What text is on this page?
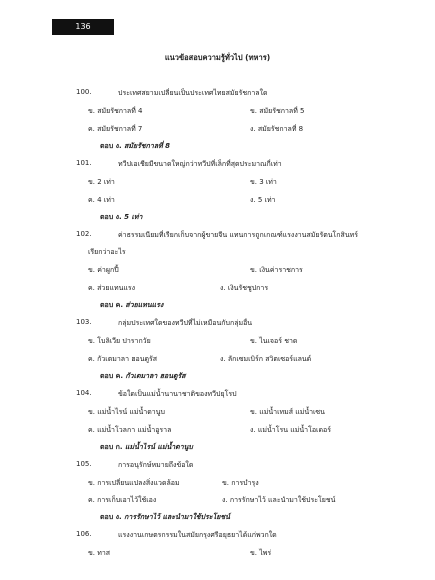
136
แนวข้อสอบความรู้ทั่วไป (ทหาร)
100.	ประเทศสยามเปลี่ยนเป็นประเทศไทยสมัยรัชกาลใด
ข. สมัยรัชกาลที่ 4	ข. สมัยรัชกาลที่ 5
ค. สมัยรัชกาลที่ 7	ง. สมัยรัชกาลที่ 8
ตอบ ง. สมัยรัชกาลที่ 8
101.	ทวีปเอเชียมีขนาดใหญ่กว่าทวีปที่เล็กที่สุดประมาณกี่เท่า
ข. 2 เท่า	ข. 3 เท่า
ค. 4 เท่า	ง. 5 เท่า
ตอบ ง. 5 เท่า
102.	ค่าธรรมเนียมที่เรียกเก็บจากผู้ขายจีน แทนการถูกเกณฑ์แรงงานสมัยรัตนโกสินทร์
เรียกว่าอะไร
ข. ค่าผูกปี้	ข. เงินค่าราชการ
ค. ส่วยแทนแรง	ง. เงินรัชชูปการ
ตอบ ค. ส่วยแทนแรง
103.	กลุ่มประเทศใดของทวีปที่ไม่เหมือนกับกลุ่มอื่น
ข. โบลิเวีย ปารากวัย	ข. ไนเจอร์ ชาด
ค. กัวเตมาลา ฮอนดูรัส	ง. ลักเซมเบิร์ก สวิตเซอร์แลนด์
ตอบ ค. กัวเตมาลา ฮอนดูรัส
104.	ข้อใดเป็นแม่น้ำนานาชาติของทวีปยุโรป
ข. แม่น้ำไรน์ แม่น้ำดานูบ	ข. แม่น้ำเทมส์ แม่น้ำเซน
ค. แม่น้ำโวลกา แม่น้ำอูราล	ง. แม่น้ำโรน แม่น้ำโอเดอร์
ตอบ ก. แม่น้ำไรน์ แม่น้ำดานูบ
105.	การอนุรักษ์หมายถึงข้อใด
ข. การเปลี่ยนแปลงสิ่งแวดล้อม	ข. การบำรุง
ค. การเก็บเอาไว้ใช้เอง	ง. การรักษาไว้ และนำมาใช้ประโยชน์
ตอบ ง. การรักษาไว้ และนำมาใช้ประโยชน์
106.	แรงงานเกษตรกรรมในสมัยกรุงศรีอยุธยาได้แก่พวกใด
ข. ทาส	ข. ไพร่
